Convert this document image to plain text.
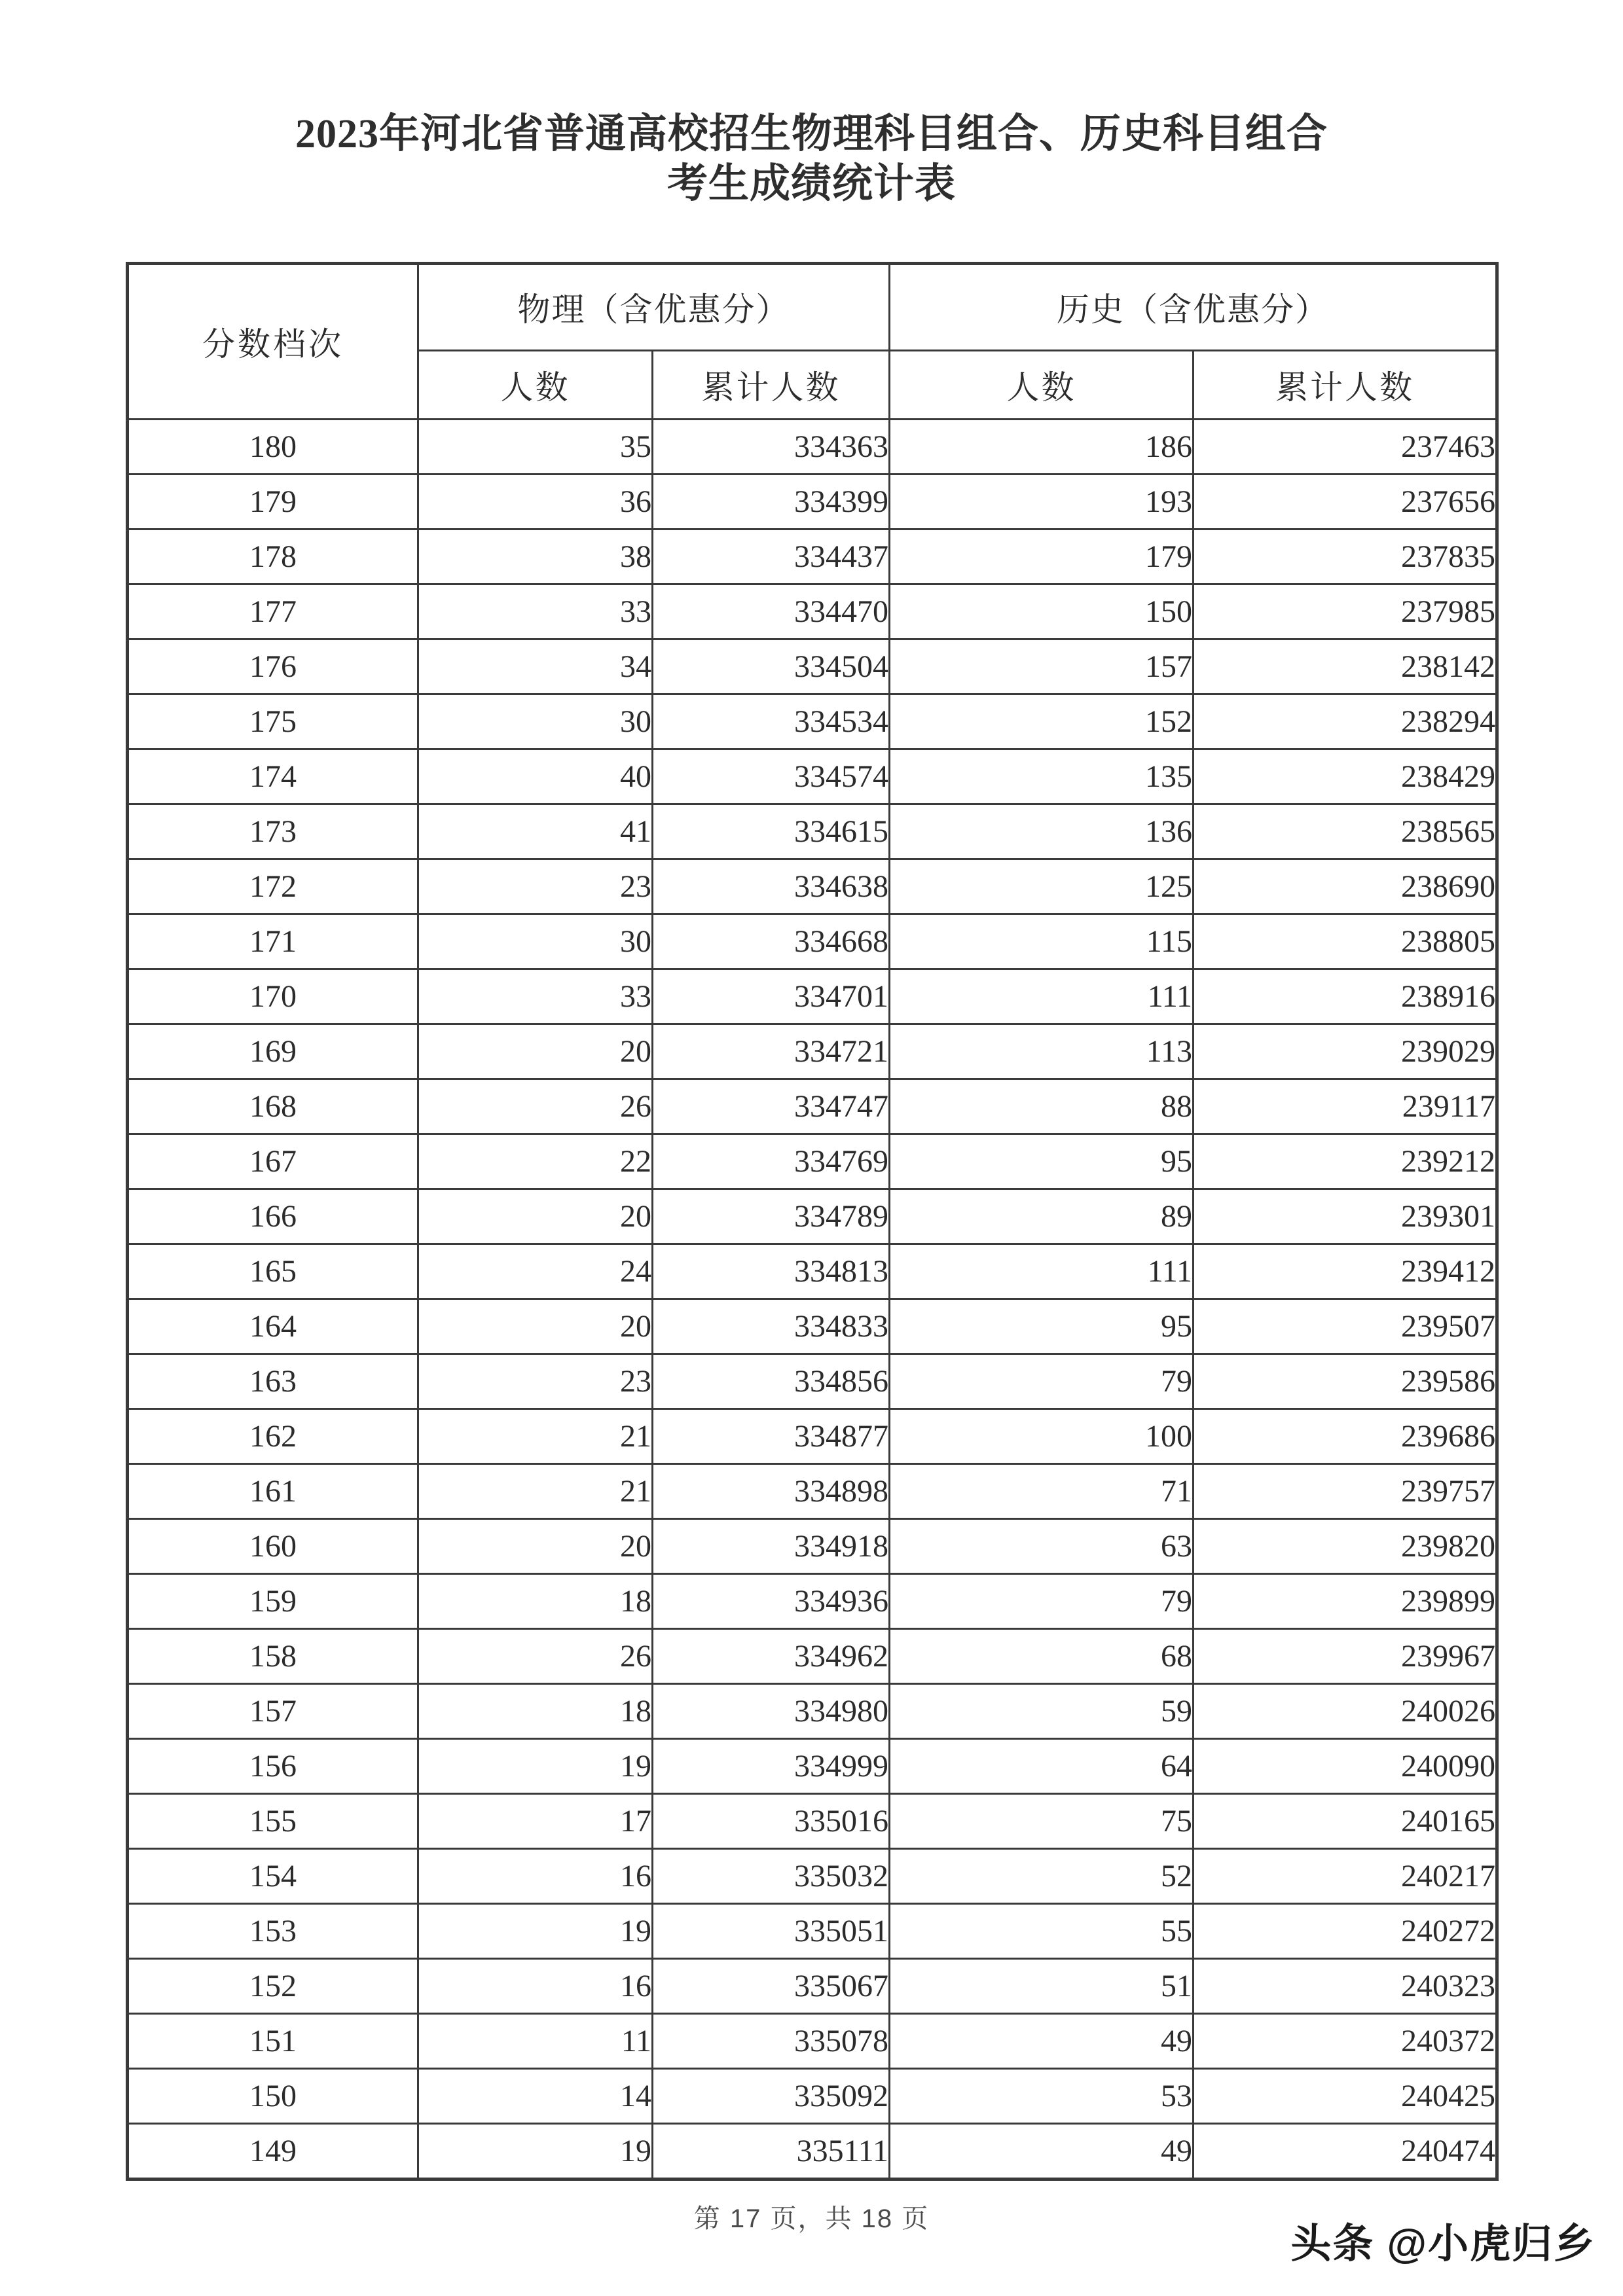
2023年河北省普通高校招生物理科目组合、历史科目组合
考生成绩统计表
分数档次	物理（含优惠分）		历史（含优惠分）	
	人数	累计人数	人数	累计人数
180	35	334363	186	237463
179	36	334399	193	237656
178	38	334437	179	237835
177	33	334470	150	237985
176	34	334504	157	238142
175	30	334534	152	238294
174	40	334574	135	238429
173	41	334615	136	238565
172	23	334638	125	238690
171	30	334668	115	238805
170	33	334701	111	238916
169	20	334721	113	239029
168	26	334747	88	239117
167	22	334769	95	239212
166	20	334789	89	239301
165	24	334813	111	239412
164	20	334833	95	239507
163	23	334856	79	239586
162	21	334877	100	239686
161	21	334898	71	239757
160	20	334918	63	239820
159	18	334936	79	239899
158	26	334962	68	239967
157	18	334980	59	240026
156	19	334999	64	240090
155	17	335016	75	240165
154	16	335032	52	240217
153	19	335051	55	240272
152	16	335067	51	240323
151	11	335078	49	240372
150	14	335092	53	240425
149	19	335111	49	240474
第 17 页，共 18 页
头条 @小虎归乡
